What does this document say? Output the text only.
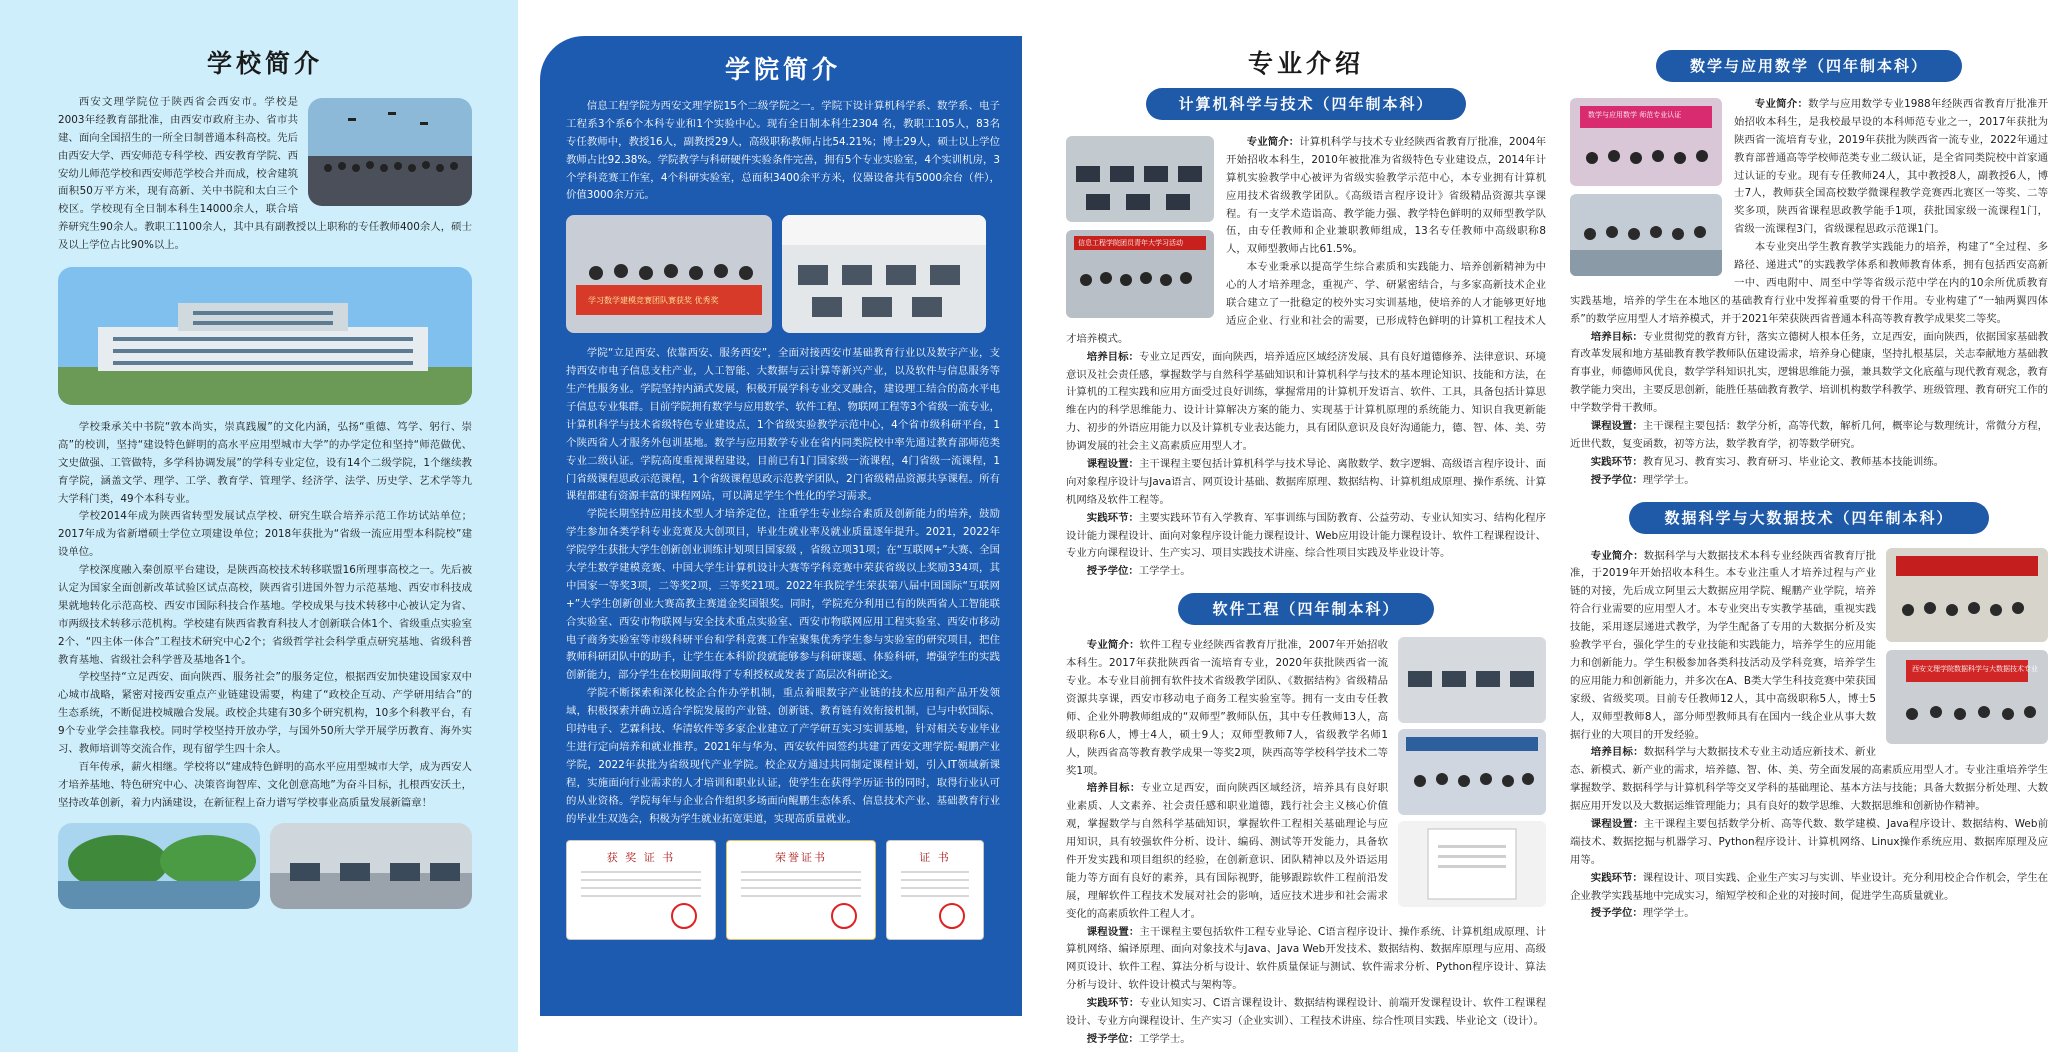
学校简介

西安文理学院位于陕西省会西安市。学校是2003年经教育部批准，由西安市政府主办、省市共建、面向全国招生的一所全日制普通本科高校。先后由西安大学、西安师范专科学校、西安教育学院、西安幼儿师范学校和西安师范学校合并而成，校舍建筑面积50万平方米，现有高新、关中书院和太白三个校区。学校现有全日制本科生14000余人，联合培养研究生90余人。教职工1100余人，其中具有副教授以上职称的专任教师400余人，硕士及以上学位占比90%以上。

学校秉承关中书院“敦本尚实，崇真践履”的文化内涵，弘扬“重德、笃学、躬行、崇高”的校训，坚持“建设特色鲜明的高水平应用型城市大学”的办学定位和坚持“师范做优、文史做强、工管做特，多学科协调发展”的学科专业定位，设有14个二级学院，1个继续教育学院，涵盖文学、理学、工学、教育学、管理学、经济学、法学、历史学、艺术学等九大学科门类，49个本科专业。

学校2014年成为陕西省转型发展试点学校、研究生联合培养示范工作坊试站单位；2017年成为省新增硕士学位立项建设单位；2018年获批为“省级一流应用型本科院校”建设单位。

学校深度融入秦创原平台建设，是陕西高校技术转移联盟16所理事高校之一。先后被认定为国家全面创新改革试验区试点高校，陕西省引进国外智力示范基地、西安市科技成果就地转化示范高校、西安市国际科技合作基地。学校成果与技术转移中心被认定为省、市两级技术转移示范机构。学校建有陕西省教育科技人才创新联合体1个、省级重点实验室2个、“四主体一体合”工程技术研究中心2个；省级哲学社会科学重点研究基地、省级科普教育基地、省级社会科学普及基地各1个。

学校坚持“立足西安、面向陕西、服务社会”的服务定位，根据西安加快建设国家双中心城市战略，紧密对接西安重点产业链建设需要，构建了“政校企互动、产学研用结合”的生态系统，不断促进校城融合发展。政校企共建有30多个研究机构，10多个科教平台，有9个专业学会挂靠我校。同时学校坚持开放办学，与国外50所大学开展学历教育、海外实习、教师培训等交流合作，现有留学生四十余人。

百年传承，薪火相继。学校将以“建成特色鲜明的高水平应用型城市大学，成为西安人才培养基地、特色研究中心、决策咨询智库、文化创意高地”为奋斗目标，扎根西安沃土，坚持改革创新，着力内涵建设，在新征程上奋力谱写学校事业高质量发展新篇章！

学院简介

信息工程学院为西安文理学院15个二级学院之一。学院下设计算机科学系、数学系、电子工程系3个系6个本科专业和1个实验中心。现有全日制本科生2304 名，教职工105人，83名专任教师中，教授16人，副教授29人，高级职称教师占比54.21%；博士29人，硕士以上学位教师占比92.38%。学院教学与科研硬件实验条件完善，拥有5个专业实验室，4个实训机房，3个学科竞赛工作室，4个科研实验室，总面积3400余平方米，仪器设备共有5000余台（件），价值3000余万元。

学习数学建模竞赛团队赛获奖 优秀奖

学院“立足西安、依靠西安、服务西安”，全面对接西安市基础教育行业以及数字产业，支持西安市电子信息支柱产业，人工智能、大数据与云计算等新兴产业，以及软件与信息服务等生产性服务业。学院坚持内涵式发展，积极开展学科专业交叉融合，建设理工结合的高水平电子信息专业集群。目前学院拥有数学与应用数学、软件工程、物联网工程等3个省级一流专业，计算机科学与技术省级特色专业建设点，1个省级实验教学示范中心，4个省市级科研平台，1个陕西省人才服务外包训基地。数学与应用数学专业在省内同类院校中率先通过教育部师范类专业二级认证。学院高度重视课程建设，目前已有1门国家级一流课程，4门省级一流课程，1门省级课程思政示范课程，1个省级课程思政示范教学团队，2门省级精品资源共享课程。所有课程都建有资源丰富的课程网站，可以满足学生个性化的学习需求。

学院长期坚持应用技术型人才培养定位，注重学生专业综合素质及创新能力的培养，鼓励学生参加各类学科专业竞赛及大创项目，毕业生就业率及就业质量逐年提升。2021，2022年学院学生获批大学生创新创业训练计划项目国家级 ，省级立项31项；在“互联网+”大赛、全国大学生数学建模竞赛、中国大学生计算机设计大赛等学科竞赛中荣获省级以上奖励334项，其中国家一等奖3项，二等奖2项，三等奖21项。2022年我院学生荣获第八届中国国际“互联网+”大学生创新创业大赛高教主赛道金奖国银奖。同时，学院充分利用已有的陕西省人工智能联合实验室、西安市物联网与安全技术重点实验室、西安市物联网应用工程实验室、西安市移动电子商务实验室等市级科研平台和学科竞赛工作室聚集优秀学生参与实验室的研究项目，把住教师科研团队中的助手，让学生在本科阶段就能够参与科研课题、体验科研，增强学生的实践创新能力，部分学生在校期间取得了专利授权或发表了高层次科研论文。

学院不断探索和深化校企合作办学机制，重点着眼数字产业链的技术应用和产品开发领域，积极探索并确立适合学院发展的产业链、创新链、教育链有效衔接机制，已与中软国际、印持电子、艺霖科技、华清软件等多家企业建立了产学研互实习实训基地，针对相关专业毕业生进行定向培养和就业推荐。2021年与华为、西安软件园签约共建了西安文理学院-鲲鹏产业学院，2022年获批为省级现代产业学院。校企双方通过共同制定课程计划，引入IT领域新课程，实施面向行业需求的人才培训和职业认证，使学生在获得学历证书的同时，取得行业认可的从业资格。学院每年与企业合作组织多场面向鲲鹏生态体系、信息技术产业、基础教育行业的毕业生双选会，积极为学生就业拓宽渠道，实现高质量就业。

获 奖 证 书	荣誉证书	证 书
专业介绍
计算机科学与技术（四年制本科）
信息工程学院团员青年大学习活动

专业简介：计算机科学与技术专业经陕西省教育厅批准，2004年开始招收本科生，2010年被批准为省级特色专业建设点，2014年计算机实验教学中心被评为省级实验教学示范中心，本专业拥有计算机应用技术省级教学团队。《高级语言程序设计》省级精品资源共享课程。有一支学术造诣高、教学能力强、教学特色鲜明的双师型教学队伍，由专任教师和企业兼职教师组成，13名专任教师中高级职称8人，双师型教师占比61.5%。

本专业秉承以提高学生综合素质和实践能力、培养创新精神为中心的人才培养理念，重视产、学、研紧密结合，与多家高新技术企业联合建立了一批稳定的校外实习实训基地，使培养的人才能够更好地适应企业、行业和社会的需要，已形成特色鲜明的计算机工程技术人才培养模式。

培养目标：专业立足西安，面向陕西，培养适应区域经济发展、具有良好道德修养、法律意识、环境意识及社会责任感，掌握数学与自然科学基础知识和计算机科学与技术的基本理论知识、技能和方法，在计算机的工程实践和应用方面受过良好训练，掌握常用的计算机开发语言、软件、工具，具备包括计算思维在内的科学思维能力、设计计算解决方案的能力、实现基于计算机原理的系统能力、知识自我更新能力、初步的外语应用能力以及计算机专业表达能力，具有团队意识及良好沟通能力，德、智、体、美、劳协调发展的社会主义高素质应用型人才。

课程设置：主干课程主要包括计算机科学与技术导论、离散数学、数字逻辑、高级语言程序设计、面向对象程序设计与Java语言、网页设计基础、数据库原理、数据结构、计算机组成原理、操作系统、计算机网络及软件工程等。

实践环节：主要实践环节有入学教育、军事训练与国防教育、公益劳动、专业认知实习、结构化程序设计能力课程设计、面向对象程序设计能力课程设计、Web应用设计能力课程设计、软件工程课程设计、专业方向课程设计、生产实习、项目实践技术讲座、综合性项目实践及毕业设计等。

授予学位：工学学士。

软件工程（四年制本科）

专业简介：软件工程专业经陕西省教育厅批准，2007年开始招收本科生。2017年获批陕西省一流培育专业，2020年获批陕西省一流专业。本专业目前拥有软件技术省级教学团队、《数据结构》省级精品资源共享课，西安市移动电子商务工程实验室等。拥有一支由专任教师、企业外聘教师组成的“双师型”教师队伍，其中专任教师13人，高级职称6人，博士4人，硕士9人；双师型教师7人，省级教学名师1人，陕西省高等教育教学成果一等奖2项，陕西高等学校科学技术二等奖1项。

培养目标：专业立足西安，面向陕西区域经济，培养具有良好职业素质、人文素养、社会责任感和职业道德，践行社会主义核心价值观，掌握数学与自然科学基础知识，掌握软件工程相关基础理论与应用知识，具有较强软件分析、设计、编码、测试等开发能力，具备软件开发实践和项目组织的经验，在创新意识、团队精神以及外语运用能力等方面有良好的素养，具有国际视野，能够跟踪软件工程前沿发展，理解软件工程技术发展对社会的影响，适应技术进步和社会需求变化的高素质软件工程人才。

课程设置：主干课程主要包括软件工程专业导论、C语言程序设计、操作系统、计算机组成原理、计算机网络、编译原理、面向对象技术与Java、Java Web开发技术、数据结构、数据库原理与应用、高级网页设计、软件工程、算法分析与设计、软件质量保证与测试、软件需求分析、Python程序设计、算法分析与设计、软件设计模式与架构等。

实践环节：专业认知实习、C语言课程设计、数据结构课程设计、前端开发课程设计、软件工程课程设计、专业方向课程设计、生产实习（企业实训）、工程技术讲座、综合性项目实践、毕业论文（设计）。

授予学位：工学学士。

数学与应用数学（四年制本科）
数学与应用数学 师范专业认证

专业简介：数学与应用数学专业1988年经陕西省教育厅批准开始招收本科生，是我校最早设的本科师范专业之一，2017年获批为陕西省一流培育专业，2019年获批为陕西省一流专业，2022年通过教育部普通高等学校师范类专业二级认证，是全省同类院校中首家通过认证的专业。现有专任教师24人，其中教授8人，副教授6人，博士7人，教师获全国高校数学微课程教学竞赛西北赛区一等奖、二等奖多项，陕西省课程思政教学能手1项，获批国家级一流课程1门，省级一流课程3门，省级课程思政示范课1门。

本专业突出学生教育教学实践能力的培养，构建了“全过程、多路径、递进式”的实践教学体系和教师教育体系，拥有包括西安高新一中、西电附中、周至中学等省级示范中学在内的10余所优质教育实践基地，培养的学生在本地区的基础教育行业中发挥着重要的骨干作用。专业构建了“一轴两翼四体系”的数学应用型人才培养模式，并于2021年荣获陕西省普通本科高等教育教学成果奖二等奖。

培养目标：专业贯彻党的教育方针，落实立德树人根本任务，立足西安，面向陕西，依据国家基础教育改革发展和地方基础教育教学教师队伍建设需求，培养身心健康，坚持扎根基层，关志奉献地方基础教育事业，师德师风优良，数学学科知识扎实，逻辑思维能力强，兼具数学文化底蕴与现代教育观念，教育教学能力突出，主要反思创新，能胜任基础教育教学、培训机构数学科教学、班级管理、教育研究工作的中学数学骨干教师。

课程设置：主干课程主要包括：数学分析，高等代数，解析几何，概率论与数理统计，常微分方程，近世代数，复变函数，初等方法，数学教育学，初等数学研究。

实践环节：教育见习、教育实习、教育研习、毕业论文、教师基本技能训练。

授予学位：理学学士。

数据科学与大数据技术（四年制本科）
西安文理学院数据科学与大数据技术专业

专业简介：数据科学与大数据技术本科专业经陕西省教育厅批准，于2019年开始招收本科生。本专业注重人才培养过程与产业链的对接，先后成立阿里云大数据应用学院、鲲鹏产业学院，培养符合行业需要的应用型人才。本专业突出专实教学基础，重视实践技能，采用逐层递进式教学，为学生配备了专用的大数据分析及实验教学平台，强化学生的专业技能和实践能力，培养学生的应用能力和创新能力。学生积极参加各类科技活动及学科竞赛，培养学生的应用能力和创新能力，并多次在A、B类大学生科技竞赛中荣获国家级、省级奖项。目前专任教师12人，其中高级职称5人，博士5人，双师型教师8人，部分师型教师具有在国内一线企业从事大数据行业的大项目的开发经验。

培养目标：数据科学与大数据技术专业主动适应新技术、新业态、新模式、新产业的需求，培养德、智、体、美、劳全面发展的高素质应用型人才。专业注重培养学生掌握数学、数据科学与计算机科学等交叉学科的基础理论、基本方法与技能；具备大数据分析处理、大数据应用开发以及大数据运维管理能力；具有良好的数学思维、大数据思维和创新协作精神。

课程设置：主干课程主要包括数学分析、高等代数、数学建模、Java程序设计、数据结构、Web前端技术、数据挖掘与机器学习、Python程序设计、计算机网络、Linux操作系统应用、数据库原理及应用等。

实践环节：课程设计、项目实践、企业生产实习与实训、毕业设计。充分利用校企合作机会，学生在企业教学实践基地中完成实习，缩短学校和企业的对接时间，促进学生高质量就业。

授予学位：理学学士。
